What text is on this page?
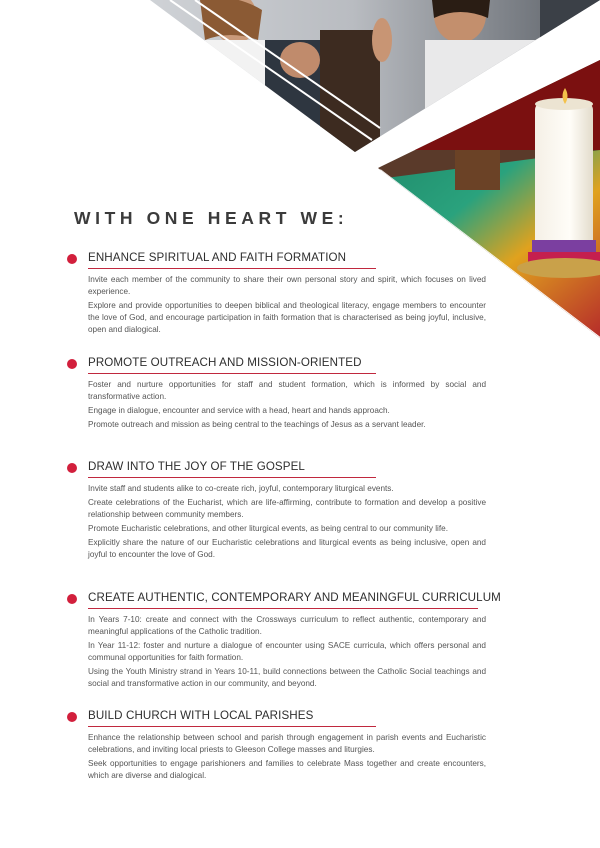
WITH ONE HEART WE:
ENHANCE SPIRITUAL AND FAITH FORMATION

Invite each member of the community to share their own personal story and spirit, which focuses on lived experience.

Explore and provide opportunities to deepen biblical and theological literacy, engage members to encounter the love of God, and encourage participation in faith formation that is characterised as being joyful, inclusive, open and dialogical.

PROMOTE OUTREACH AND MISSION-ORIENTED

Foster and nurture opportunities for staff and student formation, which is informed by social and transformative action.

Engage in dialogue, encounter and service with a head, heart and hands approach.

Promote outreach and mission as being central to the teachings of Jesus as a servant leader.

DRAW INTO THE JOY OF THE GOSPEL

Invite staff and students alike to co-create rich, joyful, contemporary liturgical events.

Create celebrations of the Eucharist, which are life-affirming, contribute to formation and develop a positive relationship between community members.

Promote Eucharistic celebrations, and other liturgical events, as being central to our community life.

Explicitly share the nature of our Eucharistic celebrations and liturgical events as being inclusive, open and joyful to encounter the love of God.

CREATE AUTHENTIC, CONTEMPORARY AND MEANINGFUL CURRICULUM

In Years 7-10: create and connect with the Crossways curriculum to reflect authentic, contemporary and meaningful applications of the Catholic tradition.

In Year 11-12: foster and nurture a dialogue of encounter using SACE curricula, which offers personal and communal opportunities for faith formation.

Using the Youth Ministry strand in Years 10-11, build connections between the Catholic Social teachings and social and transformative action in our community, and beyond.

BUILD CHURCH WITH LOCAL PARISHES

Enhance the relationship between school and parish through engagement in parish events and Eucharistic celebrations, and inviting local priests to Gleeson College masses and liturgies.

Seek opportunities to engage parishioners and families to celebrate Mass together and create encounters, which are diverse and dialogical.
